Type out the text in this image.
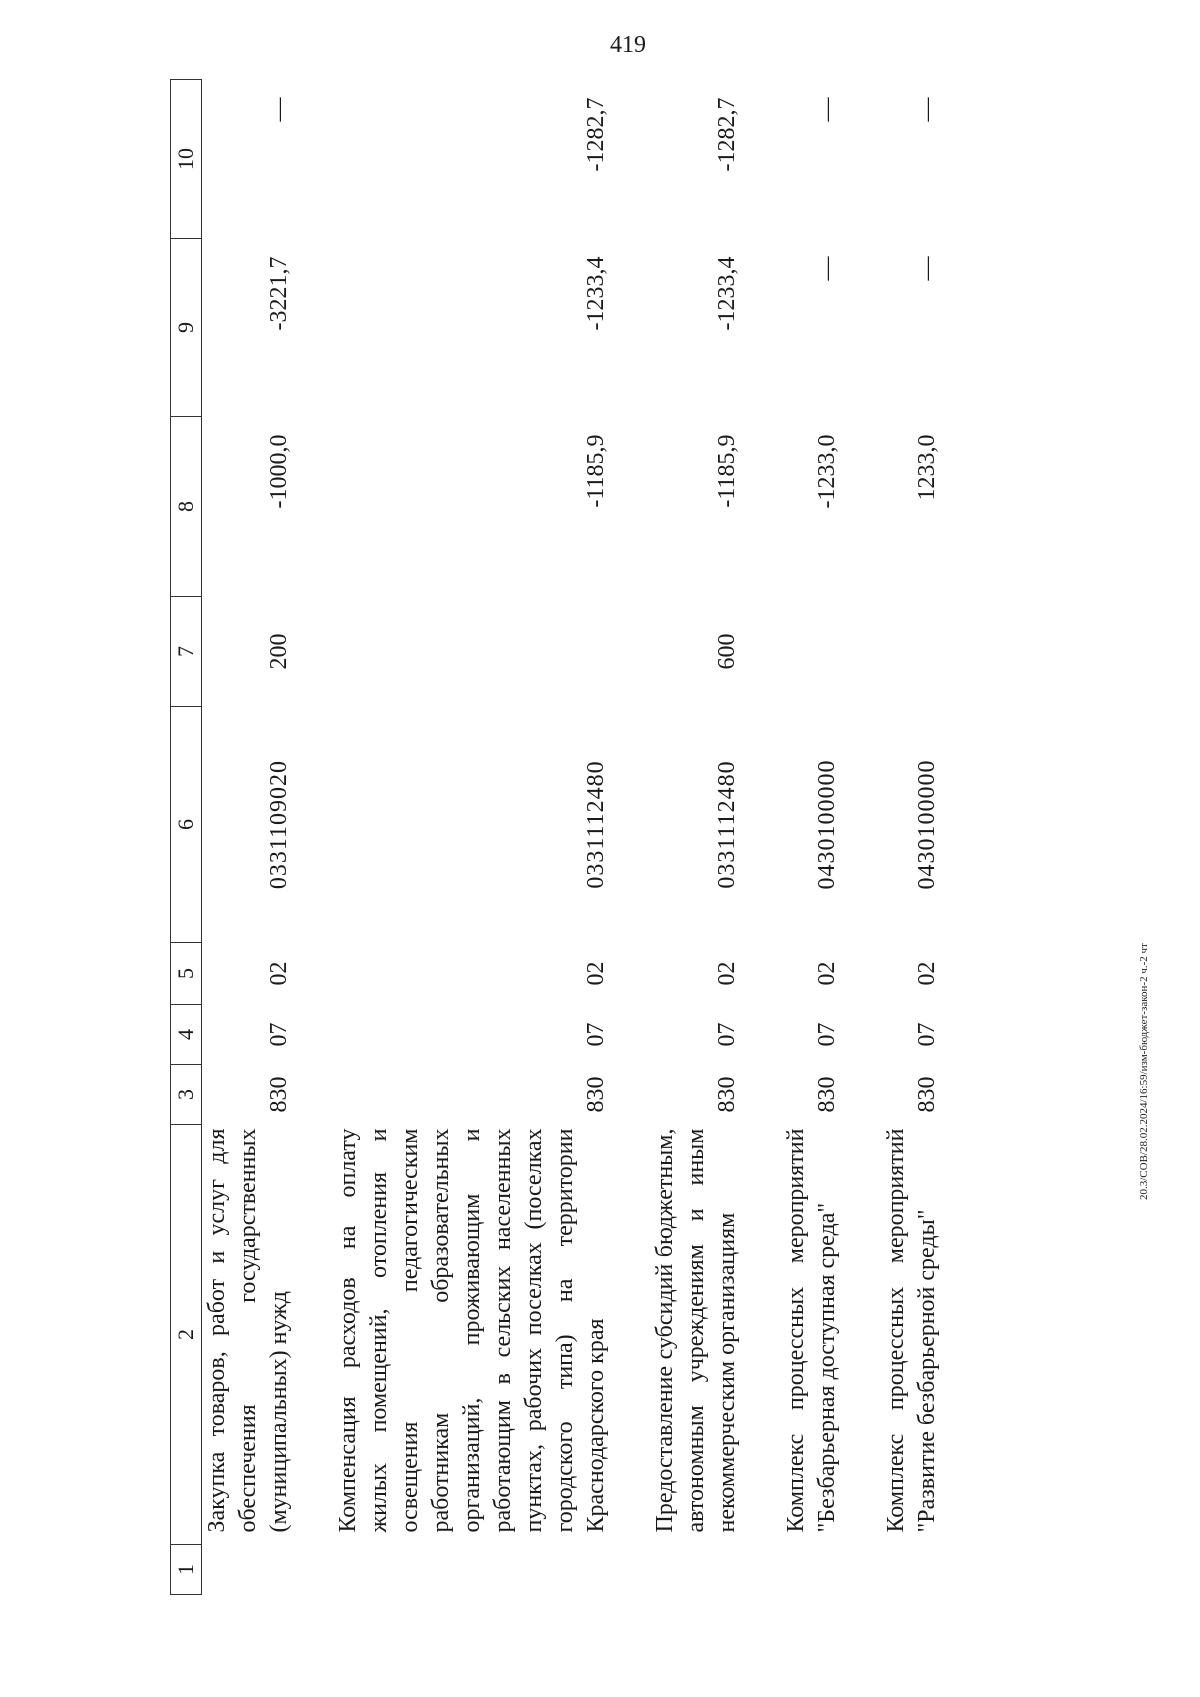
419
20.3/СОВ/28.02.2024/16:59/изм-бюджет-закон-2 ч.-2 чт
1	2	3	4	5	6	7	8	9	10
	Закупка товаров, работ и услуг для обеспечения государственных (муниципальных) нужд	830	07	02	0331109020	200	-1000,0	-3221,7	—

	Компенсация расходов на оплату жилых помещений, отопления и освещения педагогическим работникам образовательных организаций, проживающим и работающим в сельских населенных пунктах, рабочих поселках (поселках городского типа) на территории Краснодарского края	830	07	02	0331112480		-1185,9	-1233,4	-1282,7

	Предоставление субсидий бюджетным, автономным учреждениям и иным некоммерческим организациям	830	07	02	0331112480	600	-1185,9	-1233,4	-1282,7

	Комплекс процессных мероприятий "Безбарьерная доступная среда"	830	07	02	0430100000		-1233,0	—	—

	Комплекс процессных мероприятий "Развитие безбарьерной среды"	830	07	02	0430100000		1233,0	—	—
